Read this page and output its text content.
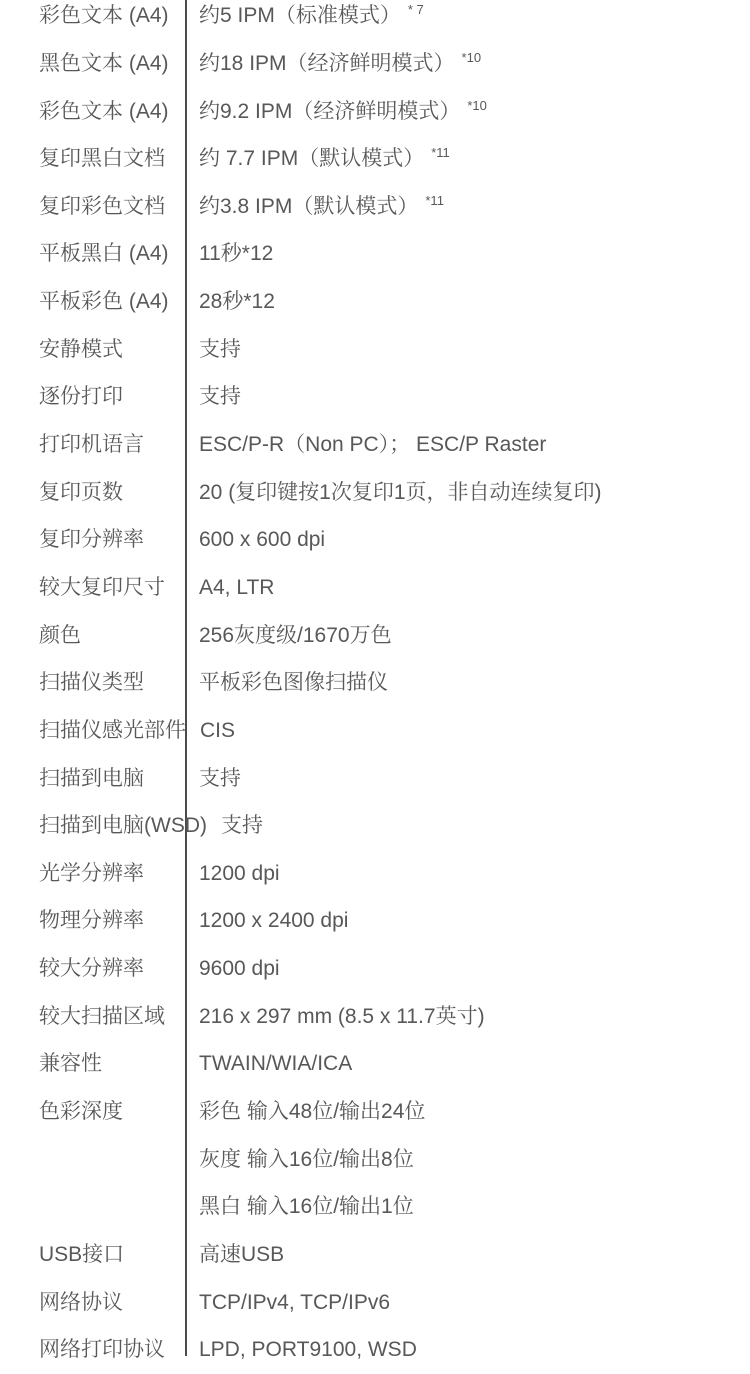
彩色文本 (A4)	约5 IPM（标准模式） $^{* 7}$
黑色文本 (A4)	约18 IPM（经济鲜明模式） $^{*10}$
彩色文本 (A4)	约9.2 IPM（经济鲜明模式） $^{*10}$
复印黑白文档	约 7.7 IPM（默认模式） $^{*11}$
复印彩色文档	约3.8 IPM（默认模式） $^{*11}$
平板黑白 (A4)	11秒*12
平板彩色 (A4)	28秒*12
安静模式	支持
逐份打印	支持
打印机语言	ESC/P-R（Non PC）； ESC/P Raster
复印页数	20 (复印键按1次复印1页，非自动连续复印)
复印分辨率	600 x 600 dpi
较大复印尺寸	A4, LTR
颜色	256灰度级/1670万色
扫描仪类型	平板彩色图像扫描仪
扫描仪感光部件 CIS
扫描到电脑	支持
扫描到电脑(WSD) 支持
光学分辨率	1200 dpi
物理分辨率	1200 x 2400 dpi
较大分辨率	9600 dpi
较大扫描区域	216 x 297 mm (8.5 x 11.7英寸)
兼容性	TWAIN/WIA/ICA
色彩深度	彩色 输入48位/输出24位
灰度 输入16位/输出8位
黑白 输入16位/输出1位
USB接口	高速USB
网络协议	TCP/IPv4, TCP/IPv6
网络打印协议	LPD, PORT9100, WSD
